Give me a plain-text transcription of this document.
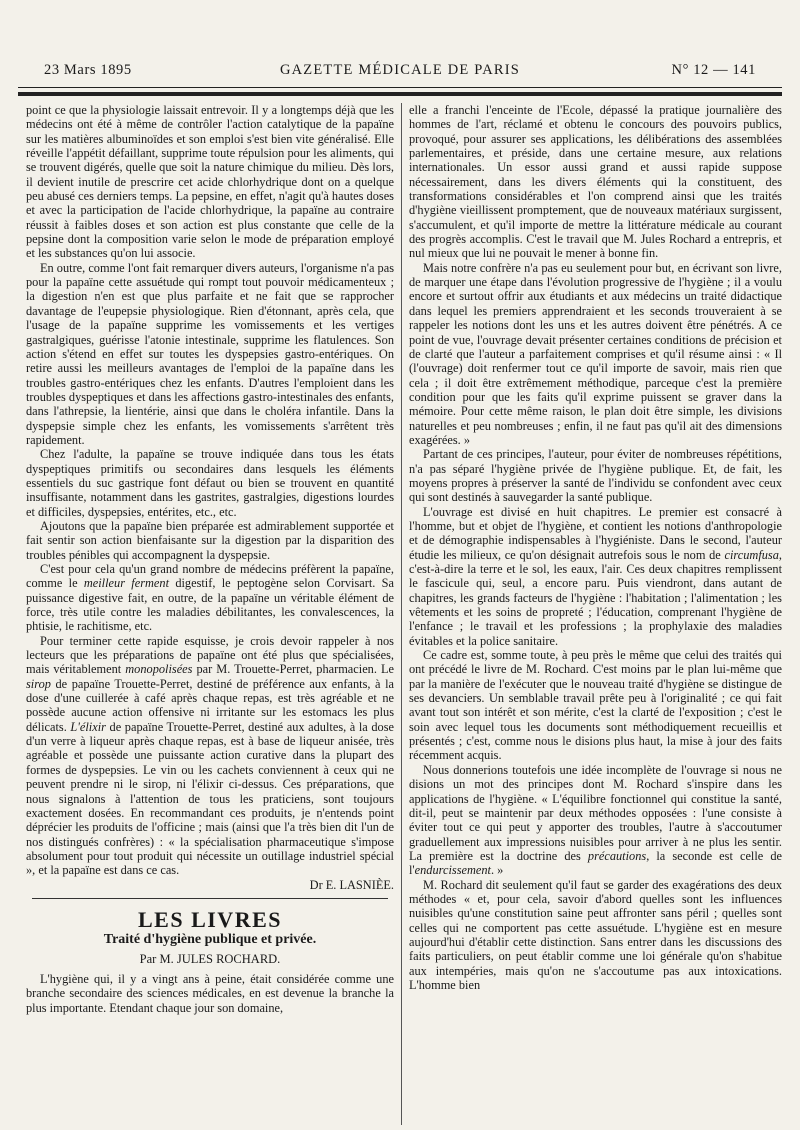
23 Mars 1895	GAZETTE MÉDICALE DE PARIS	N° 12 — 141

point ce que la physiologie laissait entrevoir. Il y a longtemps déjà que les médecins ont été à même de contrôler l'action catalytique de la papaïne sur les matières albuminoïdes et son emploi s'est bien vite généralisé. Elle réveille l'appétit défaillant, supprime toute répulsion pour les aliments, qui se trouvent digérés, quelle que soit la nature chimique du milieu. Dès lors, il devient inutile de prescrire cet acide chlorhydrique dont on a quelque peu abusé ces derniers temps. La pepsine, en effet, n'agit qu'à hautes doses et avec la participation de l'acide chlorhydrique, la papaïne au contraire réussit à faibles doses et son action est plus constante que celle de la pepsine dont la composition varie selon le mode de préparation employé et les substances qu'on lui associe.

En outre, comme l'ont fait remarquer divers auteurs, l'organisme n'a pas pour la papaïne cette assuétude qui rompt tout pouvoir médicamenteux ; la digestion n'en est que plus parfaite et ne fait que se rapprocher davantage de l'eupepsie physiologique. Rien d'étonnant, après cela, que l'usage de la papaïne supprime les vomissements et les vertiges gastralgiques, guérisse l'atonie intestinale, supprime les flatulences. Son action s'étend en effet sur toutes les dyspepsies gastro-entériques. On retire aussi les meilleurs avantages de l'emploi de la papaïne dans les troubles gastro-entériques chez les enfants. D'autres l'emploient dans les troubles dyspeptiques et dans les affections gastro-intestinales des enfants, dans l'athrepsie, la lientérie, ainsi que dans le choléra infantile. Dans la dyspepsie simple chez les enfants, les vomissements s'arrêtent très rapidement.

Chez l'adulte, la papaïne se trouve indiquée dans tous les états dyspeptiques primitifs ou secondaires dans lesquels les éléments essentiels du suc gastrique font défaut ou bien se trouvent en quantité insuffisante, notamment dans les gastrites, gastralgies, digestions lourdes et difficiles, dyspepsies, entérites, etc., etc.

Ajoutons que la papaïne bien préparée est admirablement supportée et fait sentir son action bienfaisante sur la digestion par la disparition des troubles pénibles qui accompagnent la dyspepsie.

C'est pour cela qu'un grand nombre de médecins préfèrent la papaïne, comme le meilleur ferment digestif, le peptogène selon Corvisart. Sa puissance digestive fait, en outre, de la papaïne un véritable élément de force, très utile contre les maladies débilitantes, les convalescences, la phtisie, le rachitisme, etc.

Pour terminer cette rapide esquisse, je crois devoir rappeler à nos lecteurs que les préparations de papaïne ont été plus que spécialisées, mais véritablement monopolisées par M. Trouette-Perret, pharmacien. Le sirop de papaïne Trouette-Perret, destiné de préférence aux enfants, à la dose d'une cuillerée à café après chaque repas, est très agréable et ne possède aucune action offensive ni irritante sur les estomacs les plus délicats. L'élixir de papaïne Trouette-Perret, destiné aux adultes, à la dose d'un verre à liqueur après chaque repas, est à base de liqueur anisée, très agréable et possède une puissante action curative dans la plupart des formes de dyspepsies. Le vin ou les cachets conviennent à ceux qui ne peuvent prendre ni le sirop, ni l'élixir ci-dessus. Ces préparations, que nous signalons à l'attention de tous les praticiens, sont toujours exactement dosées. En recommandant ces produits, je n'entends point déprécier les produits de l'officine ; mais (ainsi que l'a très bien dit l'un de nos distingués confrères) : « la spécialisation pharmaceutique s'impose absolument pour tout produit qui nécessite un outillage industriel spécial », et la papaïne est dans ce cas.

Dr E. LASNIÈE.

LES LIVRES
Traité d'hygiène publique et privée.
Par M. JULES ROCHARD.

L'hygiène qui, il y a vingt ans à peine, était considérée comme une branche secondaire des sciences médicales, en est devenue la branche la plus importante. Etendant chaque jour son domaine,

elle a franchi l'enceinte de l'Ecole, dépassé la pratique journalière des hommes de l'art, réclamé et obtenu le concours des pouvoirs publics, provoqué, pour assurer ses applications, les délibérations des assemblées parlementaires, et préside, dans une certaine mesure, aux relations internationales. Un essor aussi grand et aussi rapide suppose nécessairement, dans les divers éléments qui la constituent, des transformations considérables et l'on comprend ainsi que les traités d'hygiène vieillissent promptement, que de nouveaux matériaux surgissent, s'accumulent, et qu'il importe de mettre la littérature médicale au courant des progrès accomplis. C'est le travail que M. Jules Rochard a entrepris, et nul mieux que lui ne pouvait le mener à bonne fin.

Mais notre confrère n'a pas eu seulement pour but, en écrivant son livre, de marquer une étape dans l'évolution progressive de l'hygiène ; il a voulu encore et surtout offrir aux étudiants et aux médecins un traité didactique dans lequel les premiers apprendraient et les seconds trouveraient à se rappeler les notions dont les uns et les autres doivent être pénétrés. A ce point de vue, l'ouvrage devait présenter certaines conditions de précision et de clarté que l'auteur a parfaitement comprises et qu'il résume ainsi : « Il (l'ouvrage) doit renfermer tout ce qu'il importe de savoir, mais rien que cela ; il doit être extrêmement méthodique, parceque c'est la première condition pour que les faits qu'il exprime puissent se graver dans la mémoire. Pour cette même raison, le plan doit être simple, les divisions naturelles et peu nombreuses ; enfin, il ne faut pas qu'il ait des dimensions exagérées. »

Partant de ces principes, l'auteur, pour éviter de nombreuses répétitions, n'a pas séparé l'hygiène privée de l'hygiène publique. Et, de fait, les moyens propres à préserver la santé de l'individu se confondent avec ceux qui sont destinés à sauvegarder la santé publique.

L'ouvrage est divisé en huit chapitres. Le premier est consacré à l'homme, but et objet de l'hygiène, et contient les notions d'anthropologie et de démographie indispensables à l'hygiéniste. Dans le second, l'auteur étudie les milieux, ce qu'on désignait autrefois sous le nom de circumfusa, c'est-à-dire la terre et le sol, les eaux, l'air. Ces deux chapitres remplissent le fascicule qui, seul, a encore paru. Puis viendront, dans autant de chapitres, les grands facteurs de l'hygiène : l'habitation ; l'alimentation ; les vêtements et les soins de propreté ; l'éducation, comprenant l'hygiène de l'enfance ; le travail et les professions ; la prophylaxie des maladies évitables et la police sanitaire.

Ce cadre est, somme toute, à peu près le même que celui des traités qui ont précédé le livre de M. Rochard. C'est moins par le plan lui-même que par la manière de l'exécuter que le nouveau traité d'hygiène se distingue de ses devanciers. Un semblable travail prête peu à l'originalité ; ce qui fait avant tout son intérêt et son mérite, c'est la clarté de l'exposition ; c'est le soin avec lequel tous les documents sont méthodiquement recueillis et présentés ; c'est, comme nous le disions plus haut, la mise à jour des faits récemment acquis.

Nous donnerions toutefois une idée incomplète de l'ouvrage si nous ne disions un mot des principes dont M. Rochard s'inspire dans les applications de l'hygiène. « L'équilibre fonctionnel qui constitue la santé, dit-il, peut se maintenir par deux méthodes opposées : l'une consiste à éviter tout ce qui peut y apporter des troubles, l'autre à s'accoutumer graduellement aux impressions nuisibles pour arriver à ne plus les sentir. La première est la doctrine des précautions, la seconde est celle de l'endurcissement. »

M. Rochard dit seulement qu'il faut se garder des exagérations des deux méthodes « et, pour cela, savoir d'abord quelles sont les influences nuisibles qu'une constitution saine peut affronter sans péril ; quelles sont celles qui ne comportent pas cette assuétude. L'hygiène est en mesure aujourd'hui d'établir cette distinction. Sans entrer dans les discussions des faits particuliers, on peut établir comme une loi générale qu'on s'habitue aux intempéries, mais qu'on ne s'accoutume pas aux intoxications. L'homme bien
